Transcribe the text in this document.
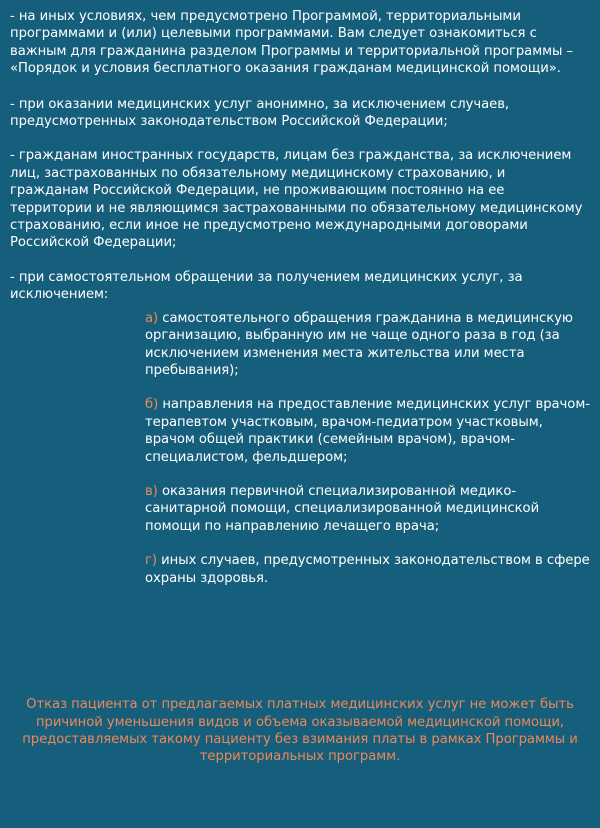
- на иных условиях, чем предусмотрено Программой, территориальными программами и (или) целевыми программами. Вам следует ознакомиться с важным для гражданина разделом Программы и территориальной программы – «Порядок и условия бесплатного оказания гражданам медицинской помощи».

- при оказании медицинских услуг анонимно, за исключением случаев, предусмотренных законодательством Российской Федерации;

- гражданам иностранных государств, лицам без гражданства, за исключением лиц, застрахованных по обязательному медицинскому страхованию, и гражданам Российской Федерации, не проживающим постоянно на ее территории и не являющимся застрахованными по обязательному медицинскому страхованию, если иное не предусмотрено международными договорами Российской Федерации;

- при самостоятельном обращении за получением медицинских услуг, за исключением:

а) самостоятельного обращения гражданина в медицинскую организацию, выбранную им не чаще одного раза в год (за исключением изменения места жительства или места пребывания);
б) направления на предоставление медицинских услуг врачом-терапевтом участковым, врачом-педиатром участковым, врачом общей практики (семейным врачом), врачом-специалистом, фельдшером;
в) оказания первичной специализированной медико-санитарной помощи, специализированной медицинской помощи по направлению лечащего врача;
г) иных случаев, предусмотренных законодательством в сфере охраны здоровья.

Отказ пациента от предлагаемых платных медицинских услуг не может быть причиной уменьшения видов и объема оказываемой медицинской помощи, предоставляемых такому пациенту без взимания платы в рамках Программы и территориальных программ.
